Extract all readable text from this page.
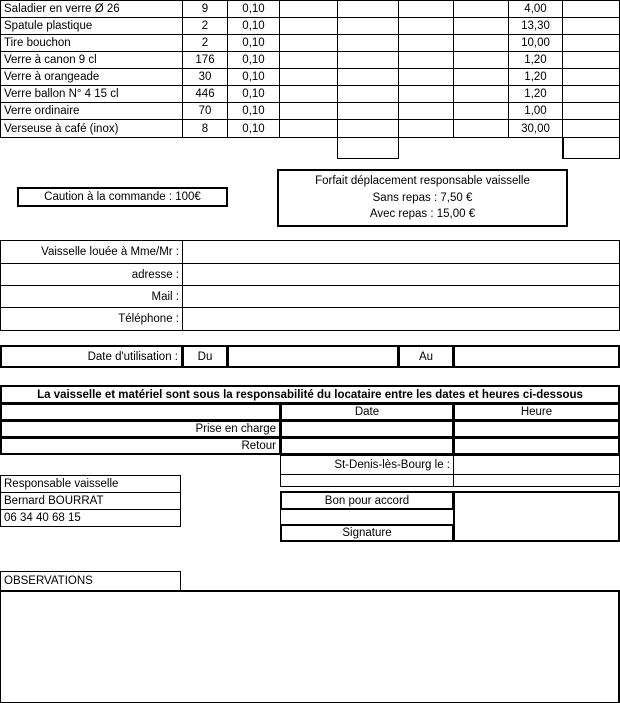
Saladier en verre Ø 26	9	0,10	4,00
Spatule plastique	2	0,10	13,30
Tire bouchon	2	0,10	10,00
Verre à canon 9 cl	176	0,10	1,20
Verre à orangeade	30	0,10	1,20
Verre ballon N° 4 15 cl	446	0,10	1,20
Verre ordinaire	70	0,10	1,00
Verseuse à café (inox)	8	0,10	30,00
Caution à la commande : 100€
Forfait déplacement responsable vaisselle
Sans repas : 7,50 €
Avec repas : 15,00 €
Vaisselle louée à Mme/Mr :
adresse :
Mail :
Téléphone :
Date d'utilisation :	Du	Au
La vaisselle et matériel sont sous la responsabilité du locataire entre les dates et heures ci-dessous
Date	Heure
Prise en charge
Retour
St-Denis-lès-Bourg le :
Responsable vaisselle
Bernard BOURRAT
06 34 40 68 15
Bon pour accord
Signature
OBSERVATIONS
